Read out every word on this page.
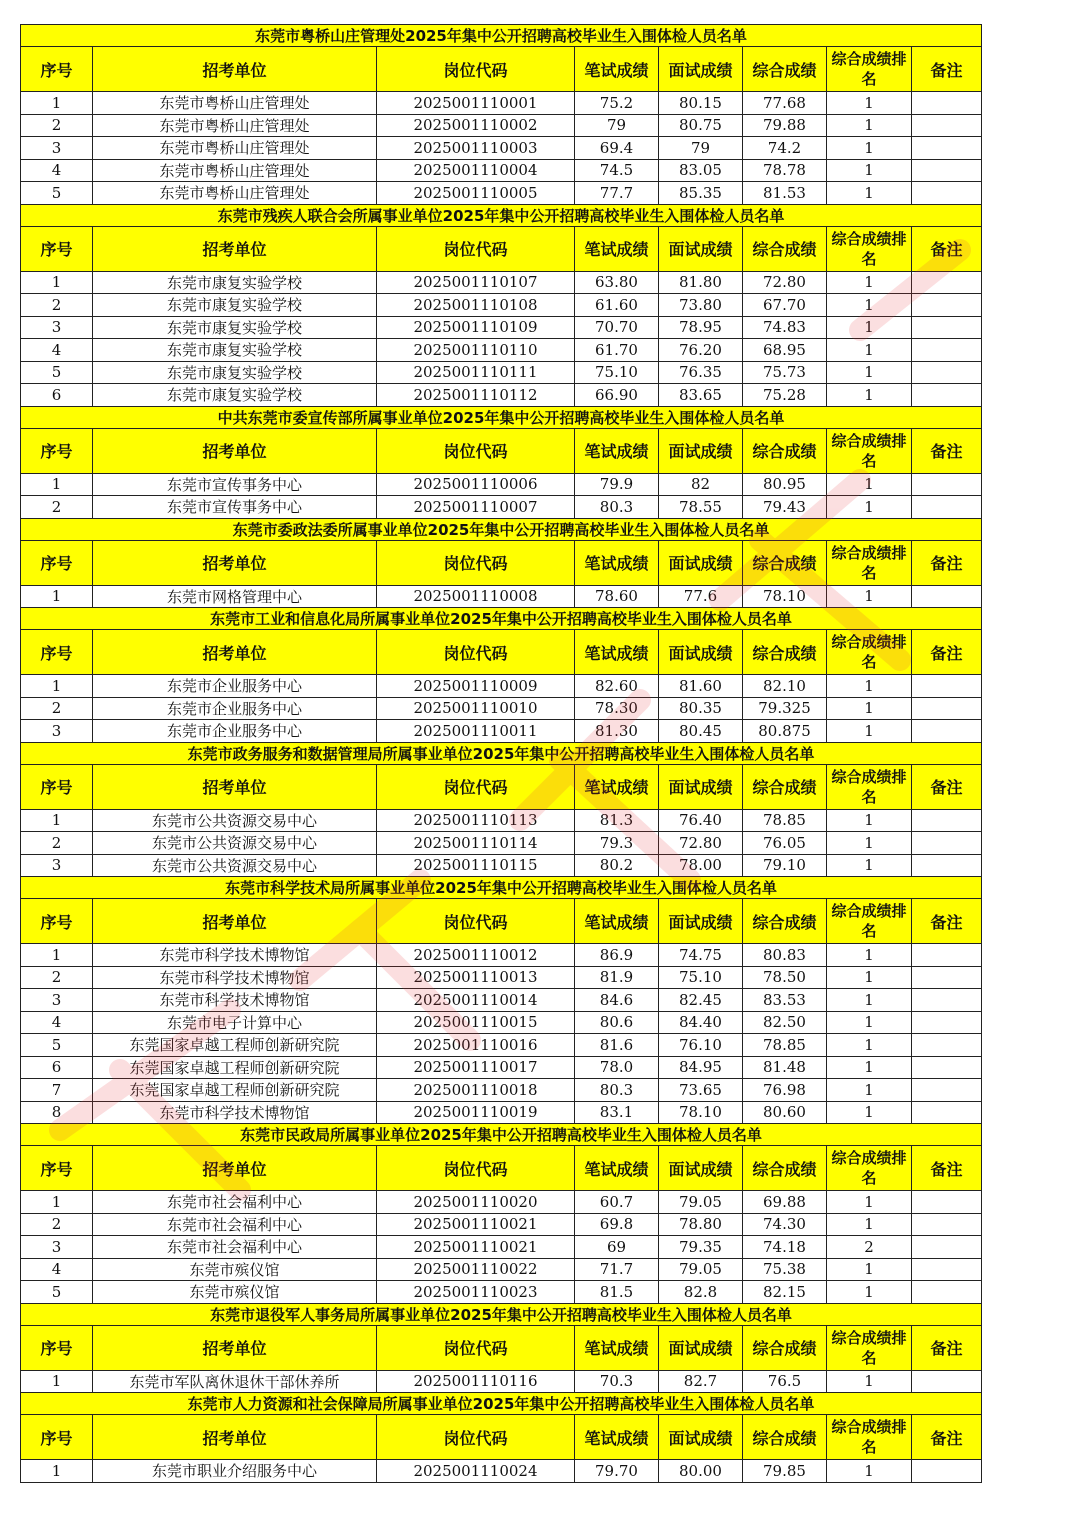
东莞市粤桥山庄管理处2025年集中公开招聘高校毕业生入围体检人员名单							
序号	招考单位	岗位代码	笔试成绩	面试成绩	综合成绩	综合成绩排名	备注
1	东莞市粤桥山庄管理处	2025001110001	75.2	80.15	77.68	1	
2	东莞市粤桥山庄管理处	2025001110002	79	80.75	79.88	1	
3	东莞市粤桥山庄管理处	2025001110003	69.4	79	74.2	1	
4	东莞市粤桥山庄管理处	2025001110004	74.5	83.05	78.78	1	
5	东莞市粤桥山庄管理处	2025001110005	77.7	85.35	81.53	1	
东莞市残疾人联合会所属事业单位2025年集中公开招聘高校毕业生入围体检人员名单							
序号	招考单位	岗位代码	笔试成绩	面试成绩	综合成绩	综合成绩排名	备注
1	东莞市康复实验学校	2025001110107	63.80	81.80	72.80	1	
2	东莞市康复实验学校	2025001110108	61.60	73.80	67.70	1	
3	东莞市康复实验学校	2025001110109	70.70	78.95	74.83	1	
4	东莞市康复实验学校	2025001110110	61.70	76.20	68.95	1	
5	东莞市康复实验学校	2025001110111	75.10	76.35	75.73	1	
6	东莞市康复实验学校	2025001110112	66.90	83.65	75.28	1	
中共东莞市委宣传部所属事业单位2025年集中公开招聘高校毕业生入围体检人员名单							
序号	招考单位	岗位代码	笔试成绩	面试成绩	综合成绩	综合成绩排名	备注
1	东莞市宣传事务中心	2025001110006	79.9	82	80.95	1	
2	东莞市宣传事务中心	2025001110007	80.3	78.55	79.43	1	
东莞市委政法委所属事业单位2025年集中公开招聘高校毕业生入围体检人员名单							
序号	招考单位	岗位代码	笔试成绩	面试成绩	综合成绩	综合成绩排名	备注
1	东莞市网格管理中心	2025001110008	78.60	77.6	78.10	1	
东莞市工业和信息化局所属事业单位2025年集中公开招聘高校毕业生入围体检人员名单							
序号	招考单位	岗位代码	笔试成绩	面试成绩	综合成绩	综合成绩排名	备注
1	东莞市企业服务中心	2025001110009	82.60	81.60	82.10	1	
2	东莞市企业服务中心	2025001110010	78.30	80.35	79.325	1	
3	东莞市企业服务中心	2025001110011	81.30	80.45	80.875	1	
东莞市政务服务和数据管理局所属事业单位2025年集中公开招聘高校毕业生入围体检人员名单							
序号	招考单位	岗位代码	笔试成绩	面试成绩	综合成绩	综合成绩排名	备注
1	东莞市公共资源交易中心	2025001110113	81.3	76.40	78.85	1	
2	东莞市公共资源交易中心	2025001110114	79.3	72.80	76.05	1	
3	东莞市公共资源交易中心	2025001110115	80.2	78.00	79.10	1	
东莞市科学技术局所属事业单位2025年集中公开招聘高校毕业生入围体检人员名单							
序号	招考单位	岗位代码	笔试成绩	面试成绩	综合成绩	综合成绩排名	备注
1	东莞市科学技术博物馆	2025001110012	86.9	74.75	80.83	1	
2	东莞市科学技术博物馆	2025001110013	81.9	75.10	78.50	1	
3	东莞市科学技术博物馆	2025001110014	84.6	82.45	83.53	1	
4	东莞市电子计算中心	2025001110015	80.6	84.40	82.50	1	
5	东莞国家卓越工程师创新研究院	2025001110016	81.6	76.10	78.85	1	
6	东莞国家卓越工程师创新研究院	2025001110017	78.0	84.95	81.48	1	
7	东莞国家卓越工程师创新研究院	2025001110018	80.3	73.65	76.98	1	
8	东莞市科学技术博物馆	2025001110019	83.1	78.10	80.60	1	
东莞市民政局所属事业单位2025年集中公开招聘高校毕业生入围体检人员名单							
序号	招考单位	岗位代码	笔试成绩	面试成绩	综合成绩	综合成绩排名	备注
1	东莞市社会福利中心	2025001110020	60.7	79.05	69.88	1	
2	东莞市社会福利中心	2025001110021	69.8	78.80	74.30	1	
3	东莞市社会福利中心	2025001110021	69	79.35	74.18	2	
4	东莞市殡仪馆	2025001110022	71.7	79.05	75.38	1	
5	东莞市殡仪馆	2025001110023	81.5	82.8	82.15	1	
东莞市退役军人事务局所属事业单位2025年集中公开招聘高校毕业生入围体检人员名单							
序号	招考单位	岗位代码	笔试成绩	面试成绩	综合成绩	综合成绩排名	备注
1	东莞市军队离休退休干部休养所	2025001110116	70.3	82.7	76.5	1	
东莞市人力资源和社会保障局所属事业单位2025年集中公开招聘高校毕业生入围体检人员名单							
序号	招考单位	岗位代码	笔试成绩	面试成绩	综合成绩	综合成绩排名	备注
1	东莞市职业介绍服务中心	2025001110024	79.70	80.00	79.85	1	
